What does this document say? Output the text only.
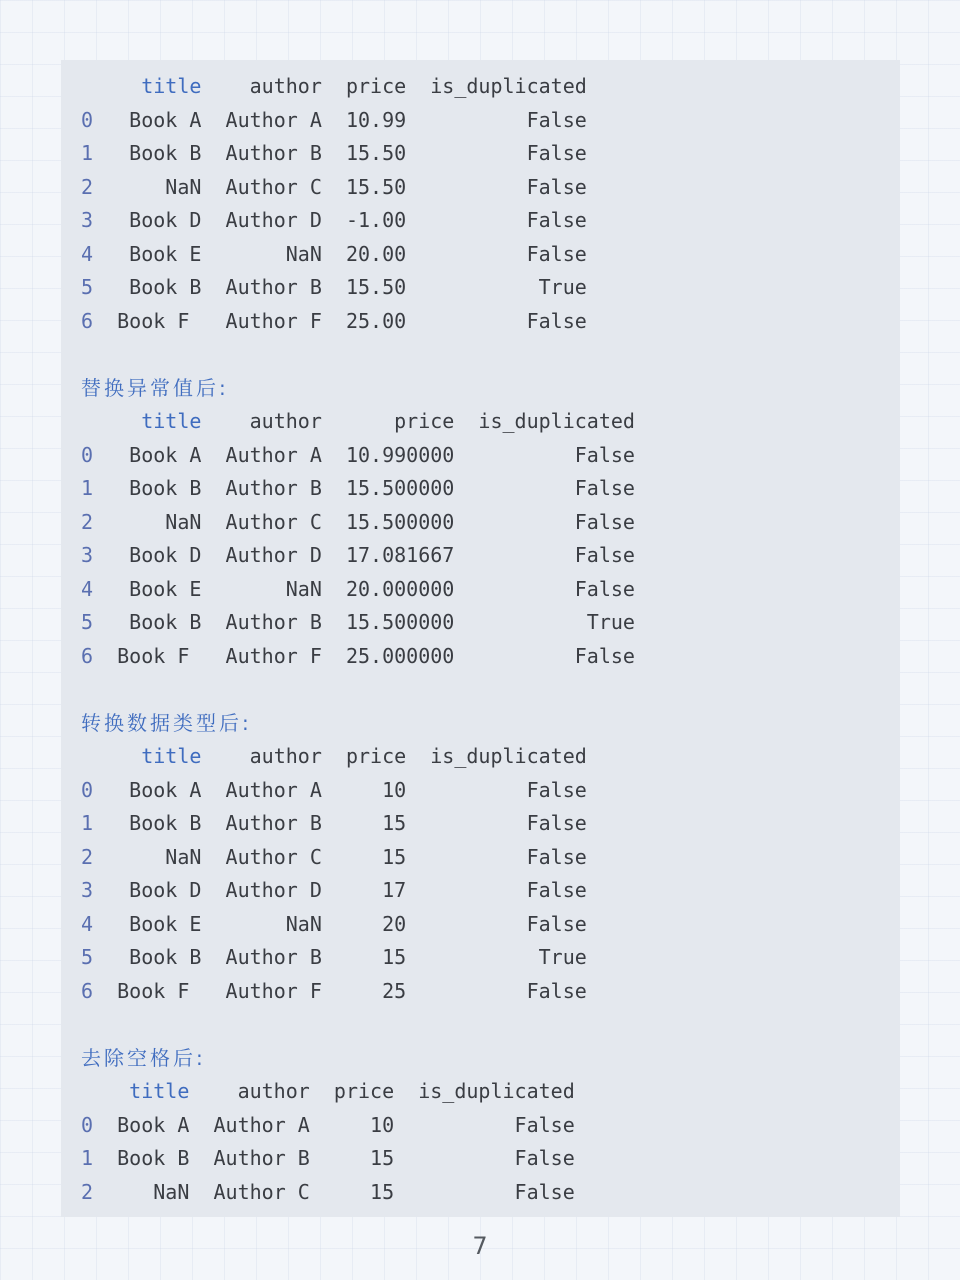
title author price is_duplicated
0   Book A Author A 10.99          False
1   Book B Author B 15.50          False
2      NaN Author C 15.50          False
3   Book D Author D -1.00          False
4   Book E       NaN 20.00          False
5   Book B Author B 15.50           True
6 Book F   Author F 25.00          False
替换异常值后:
title author	price is_duplicated
0   Book A Author A 10.990000          False
1   Book B Author B 15.500000          False
2      NaN Author C 15.500000          False
3   Book D Author D 17.081667          False
4   Book E       NaN 20.000000          False
5   Book B Author B 15.500000           True
6 Book F   Author F 25.000000          False
转换数据类型后:
title author price is_duplicated
0   Book A Author A     10          False
1   Book B Author B     15          False
2      NaN Author C     15          False
3   Book D Author D     17          False
4   Book E       NaN     20          False
5   Book B Author B     15           True
6 Book F   Author F     25          False
去除空格后:
title author price is_duplicated
0 Book A Author A     10          False
1 Book B Author B     15          False
2     NaN Author C     15          False
7
